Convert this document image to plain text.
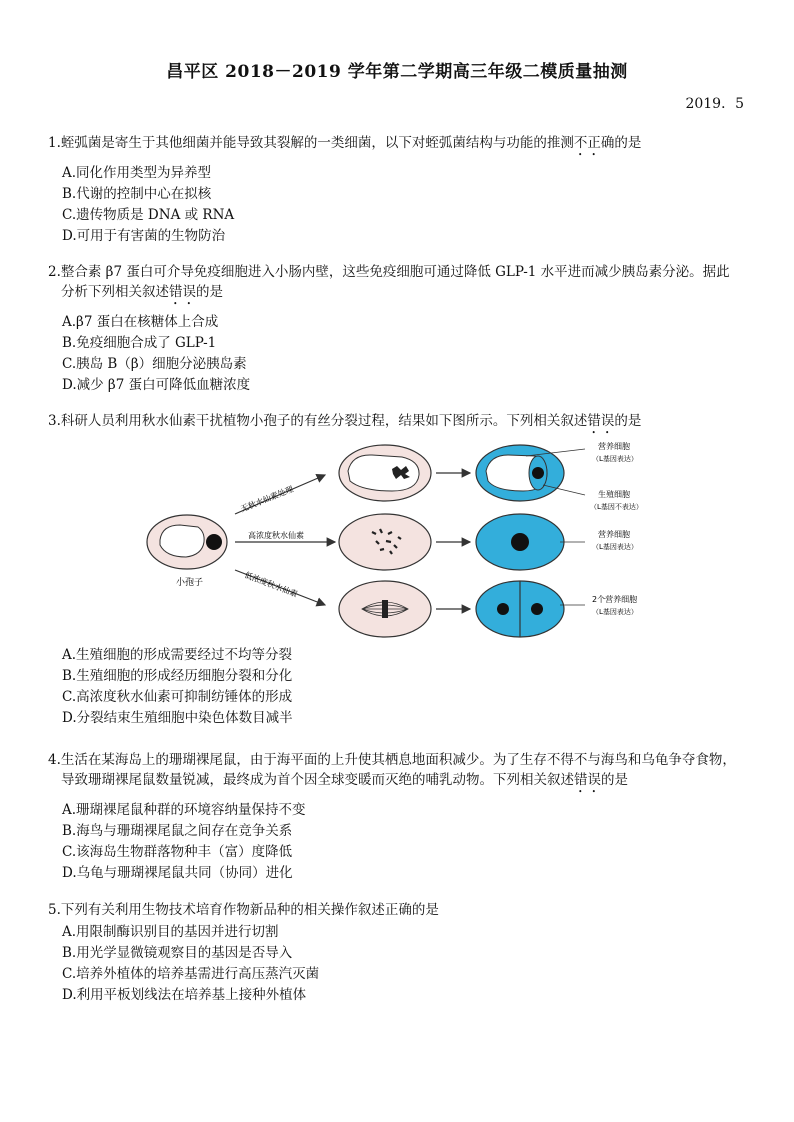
昌平区 2018－2019 学年第二学期高三年级二模质量抽测
2019．5

1.蛭弧菌是寄生于其他细菌并能导致其裂解的一类细菌，以下对蛭弧菌结构与功能的推测不正确的是

A.同化作用类型为异养型

B.代谢的控制中心在拟核

C.遗传物质是 DNA 或 RNA

D.可用于有害菌的生物防治

2.整合素 β7 蛋白可介导免疫细胞进入小肠内壁，这些免疫细胞可通过降低 GLP-1 水平进而减少胰岛素分泌。据此

分析下列相关叙述错误的是

A.β7 蛋白在核糖体上合成

B.免疫细胞合成了 GLP-1

C.胰岛 B（β）细胞分泌胰岛素

D.减少 β7 蛋白可降低血糖浓度

3.科研人员利用秋水仙素干扰植物小孢子的有丝分裂过程，结果如下图所示。下列相关叙述错误的是

小孢子
无秋水仙素处理
高浓度秋水仙素
低浓度秋水仙素
营养细胞
（L基因表达）
生殖细胞
（L基因不表达）
营养细胞
（L基因表达）
2个营养细胞
（L基因表达）

A.生殖细胞的形成需要经过不均等分裂

B.生殖细胞的形成经历细胞分裂和分化

C.高浓度秋水仙素可抑制纺锤体的形成

D.分裂结束生殖细胞中染色体数目减半

4.生活在某海岛上的珊瑚裸尾鼠，由于海平面的上升使其栖息地面积减少。为了生存不得不与海鸟和乌龟争夺食物，

导致珊瑚裸尾鼠数量锐减，最终成为首个因全球变暖而灭绝的哺乳动物。下列相关叙述错误的是

A.珊瑚裸尾鼠种群的环境容纳量保持不变

B.海鸟与珊瑚裸尾鼠之间存在竞争关系

C.该海岛生物群落物种丰（富）度降低

D.乌龟与珊瑚裸尾鼠共同（协同）进化

5.下列有关利用生物技术培育作物新品种的相关操作叙述正确的是

A.用限制酶识别目的基因并进行切割

B.用光学显微镜观察目的基因是否导入

C.培养外植体的培养基需进行高压蒸汽灭菌

D.利用平板划线法在培养基上接种外植体
